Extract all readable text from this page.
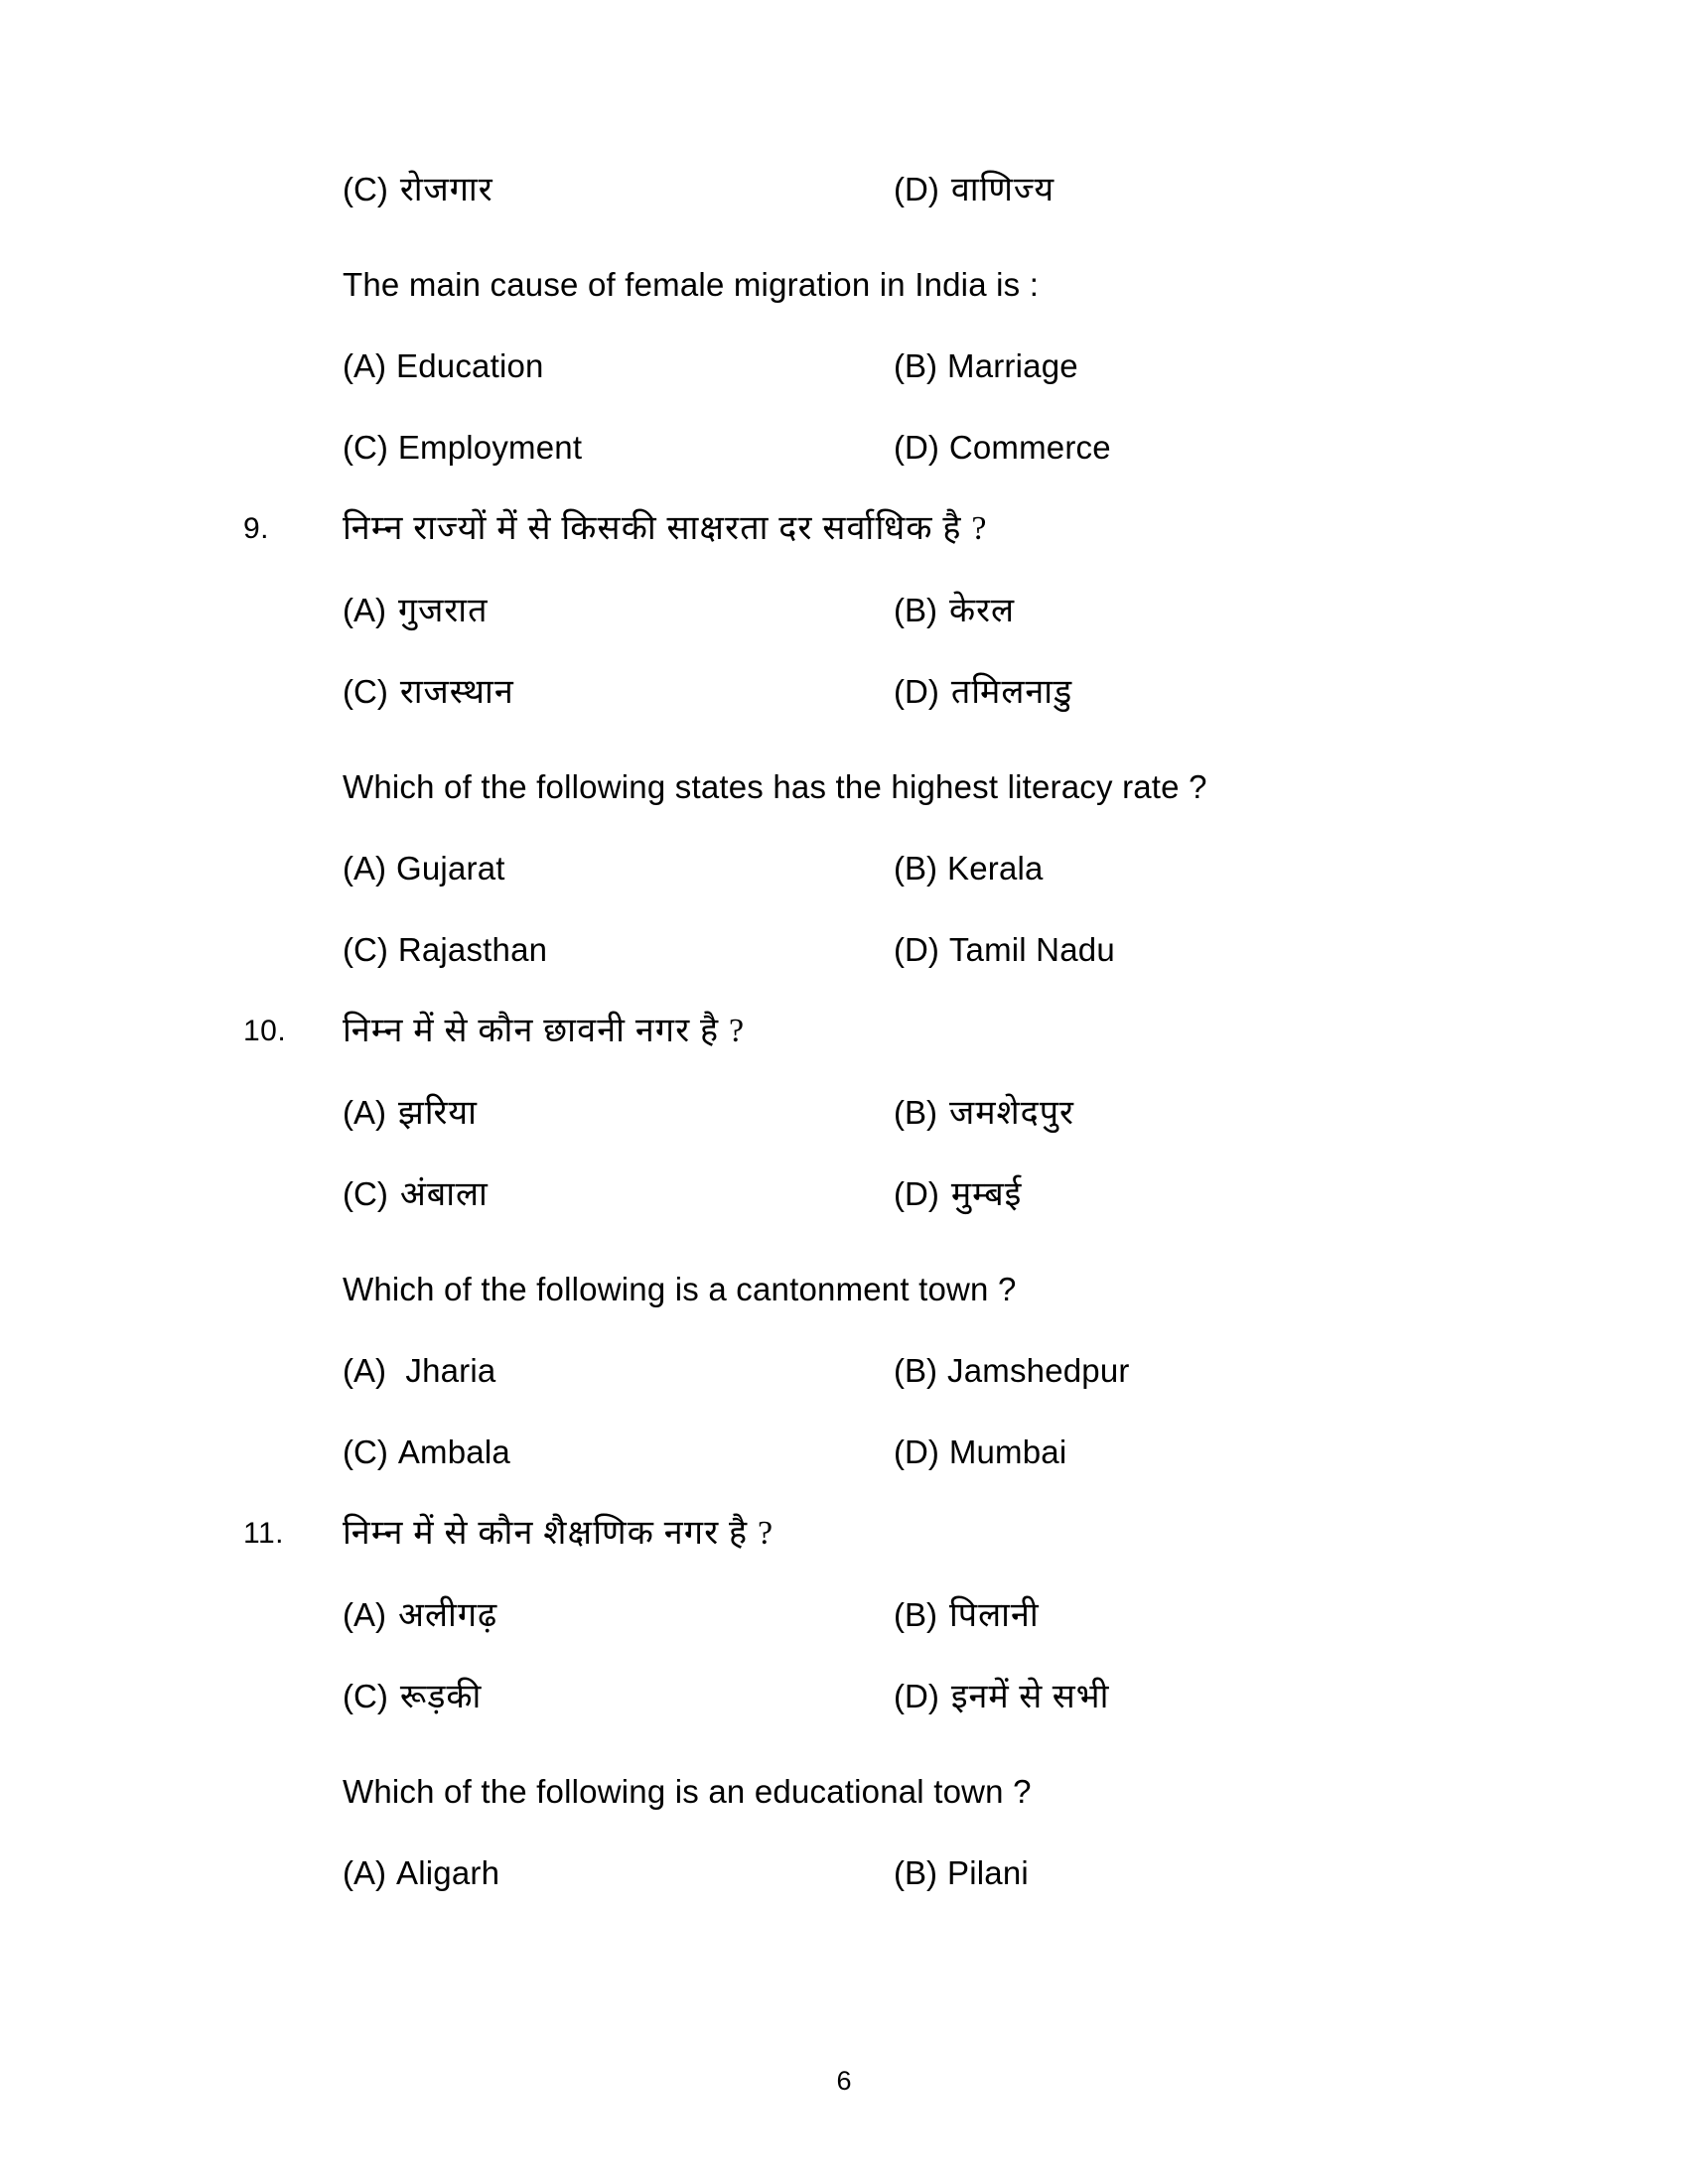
(C) रोजगार	(D) वाणिज्य
The main cause of female migration in India is :
(A) Education	(B) Marriage
(C) Employment	(D) Commerce
9.	निम्न राज्यों में से किसकी साक्षरता दर सर्वाधिक है ?
(A) गुजरात	(B) केरल
(C) राजस्थान	(D) तमिलनाडु
Which of the following states has the highest literacy rate ?
(A) Gujarat	(B) Kerala
(C) Rajasthan	(D) Tamil Nadu
10.	निम्न में से कौन छावनी नगर है ?
(A) झरिया	(B) जमशेदपुर
(C) अंबाला	(D) मुम्बई
Which of the following is a cantonment town ?
(A) Jharia	(B) Jamshedpur
(C) Ambala	(D) Mumbai
11.	निम्न में से कौन शैक्षणिक नगर है ?
(A) अलीगढ़	(B) पिलानी
(C) रूड़की	(D) इनमें से सभी
Which of the following is an educational town ?
(A) Aligarh	(B) Pilani
6
